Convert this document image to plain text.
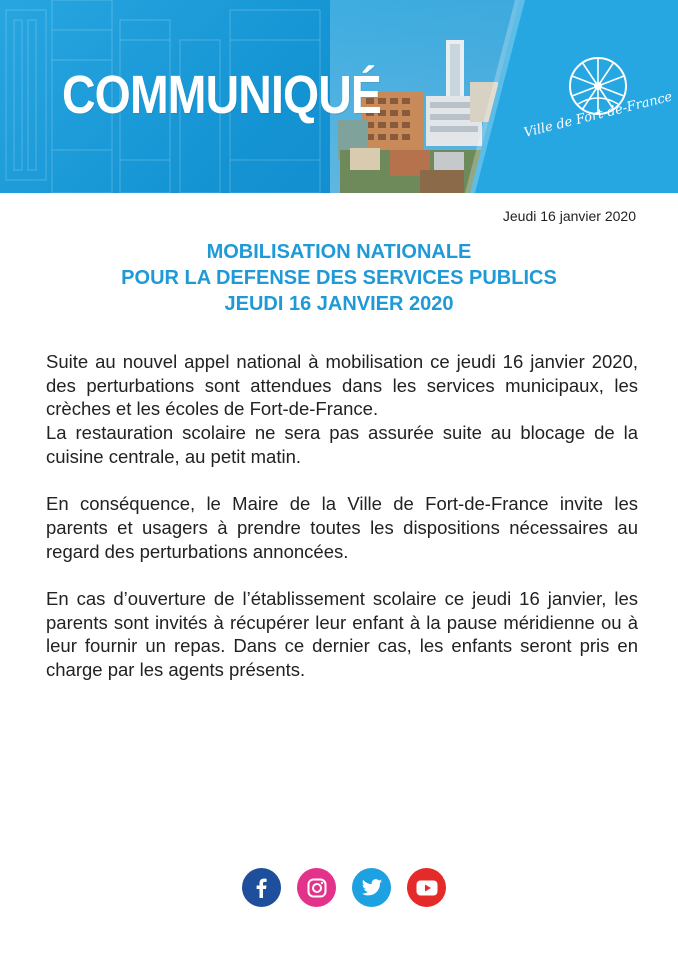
COMMUNIQUÉ	Ville de Fort-de-France
Jeudi 16 janvier 2020
MOBILISATION NATIONALE
POUR LA DEFENSE DES SERVICES PUBLICS
JEUDI 16 JANVIER 2020

Suite au nouvel appel national à mobilisation ce jeudi 16 janvier 2020, des perturbations sont attendues dans les services municipaux, les crèches et les écoles de Fort-de-France.

La restauration scolaire ne sera pas assurée suite au blocage de la cuisine centrale, au petit matin.

En conséquence, le Maire de la Ville de Fort-de-France invite les parents et usagers à prendre toutes les dispositions nécessaires au regard des perturbations annoncées.

En cas d’ouverture de l’établissement scolaire ce jeudi 16 janvier, les parents sont invités à récupérer leur enfant à la pause méridienne ou à leur fournir un repas. Dans ce dernier cas, les enfants seront pris en charge par les agents présents.
